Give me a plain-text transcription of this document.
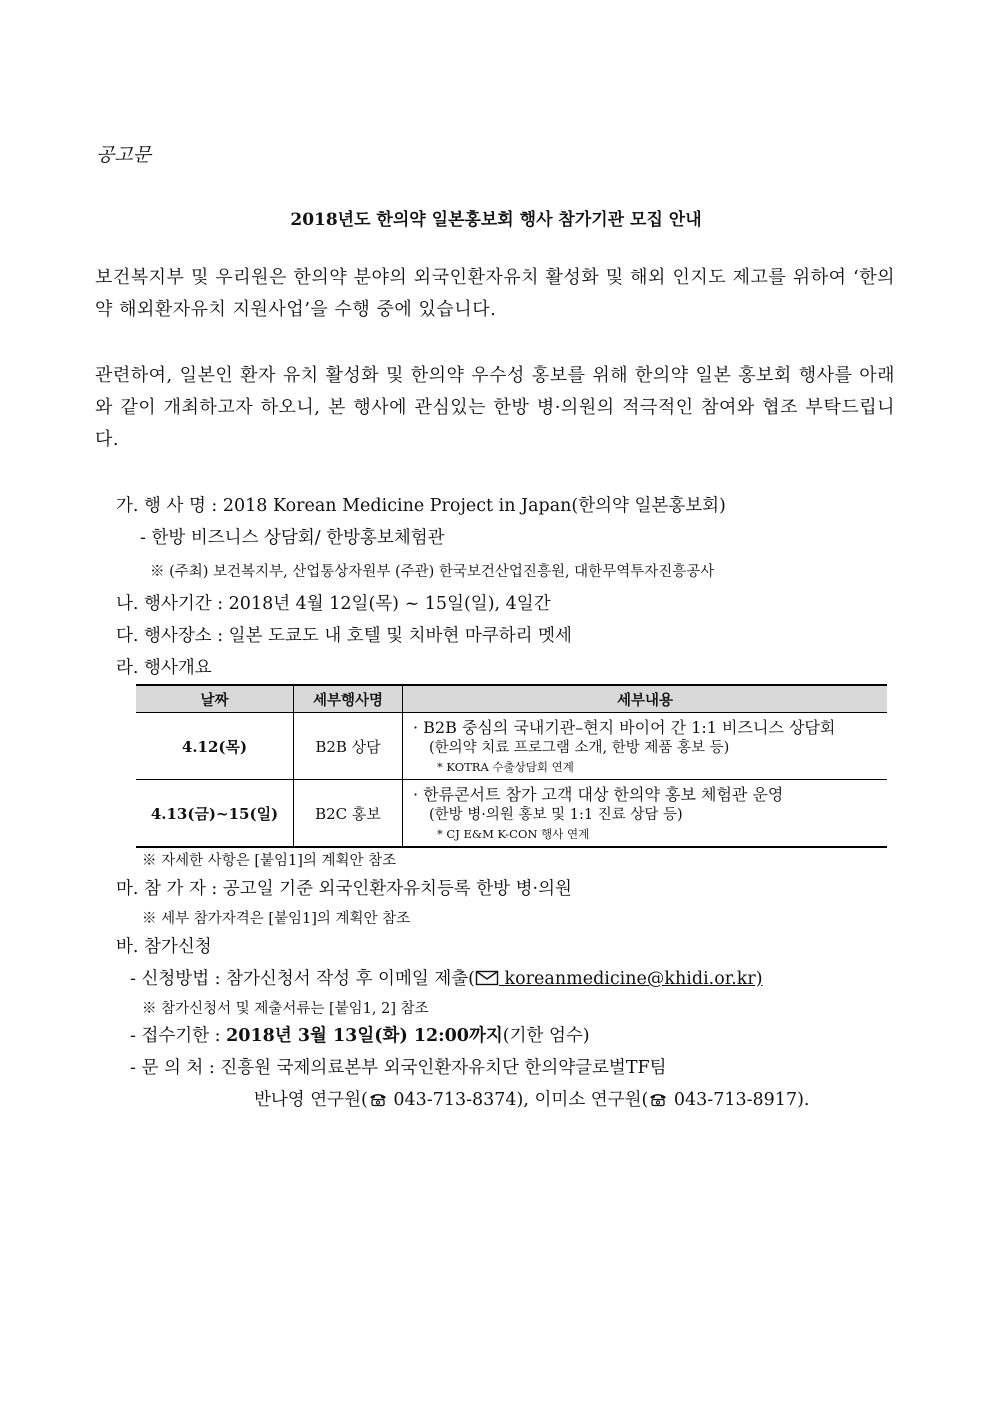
공고문
2018년도 한의약 일본홍보회 행사 참가기관 모집 안내
보건복지부 및 우리원은 한의약 분야의 외국인환자유치 활성화 및 해외 인지도 제고를 위하여 ‘한의약 해외환자유치 지원사업’을 수행 중에 있습니다.
관련하여, 일본인 환자 유치 활성화 및 한의약 우수성 홍보를 위해 한의약 일본 홍보회 행사를 아래와 같이 개최하고자 하오니, 본 행사에 관심있는 한방 병·의원의 적극적인 참여와 협조 부탁드립니다.
가. 행 사 명 : 2018 Korean Medicine Project in Japan(한의약 일본홍보회)
- 한방 비즈니스 상담회/ 한방홍보체험관
※ (주최) 보건복지부, 산업통상자원부 (주관) 한국보건산업진흥원, 대한무역투자진흥공사
나. 행사기간 : 2018년 4월 12일(목) ~ 15일(일), 4일간
다. 행사장소 : 일본 도쿄도 내 호텔 및 치바현 마쿠하리 멧세
라. 행사개요
날짜	세부행사명	세부내용
4.12(목)	B2B 상담	· B2B 중심의 국내기관–현지 바이어 간 1:1 비즈니스 상담회
(한의약 치료 프로그램 소개, 한방 제품 홍보 등)
* KOTRA 수출상담회 연계

4.13(금)~15(일)	B2C 홍보	· 한류콘서트 참가 고객 대상 한의약 홍보 체험관 운영
(한방 병·의원 홍보 및 1:1 진료 상담 등)
* CJ E&M K-CON 행사 연계
※ 자세한 사항은 [붙임1]의 계획안 참조
마. 참 가 자 : 공고일 기준 외국인환자유치등록 한방 병·의원
※ 세부 참가자격은 [붙임1]의 계획안 참조
바. 참가신청
- 신청방법 : 참가신청서 작성 후 이메일 제출( koreanmedicine@khidi.or.kr)
※ 참가신청서 및 제출서류는 [붙임1, 2] 참조
- 접수기한 : 2018년 3월 13일(화) 12:00까지(기한 엄수)
- 문 의 처 : 진흥원 국제의료본부 외국인환자유치단 한의약글로벌TF팀
반나영 연구원( 043-713-8374), 이미소 연구원( 043-713-8917).
